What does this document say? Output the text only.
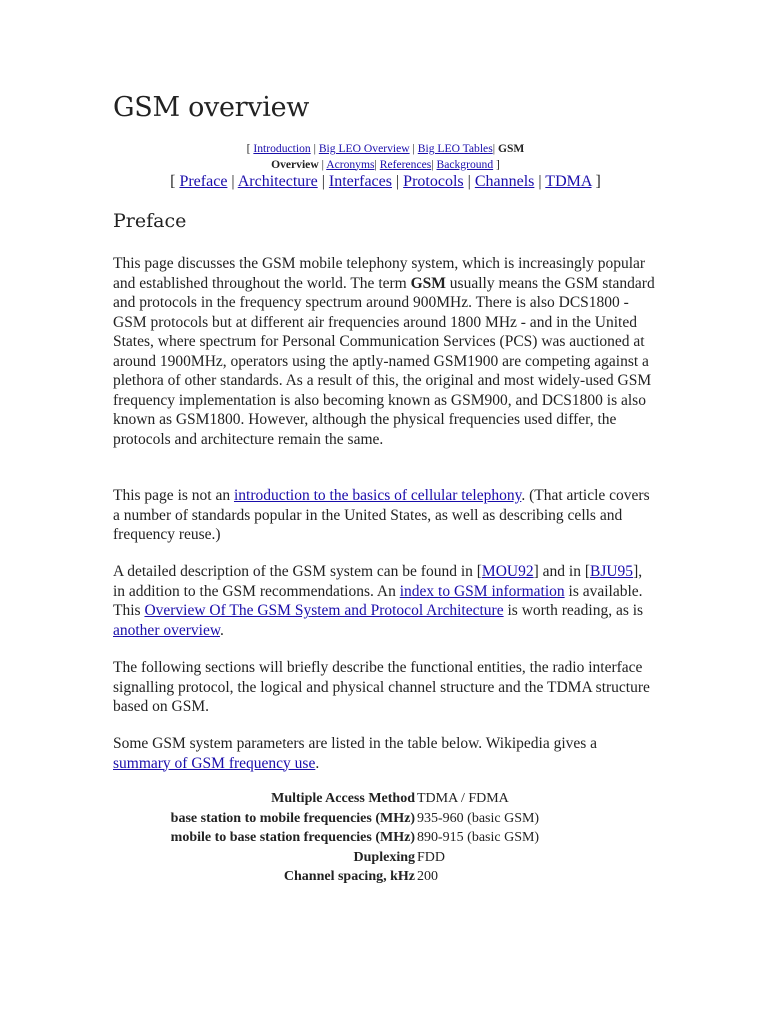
GSM overview
[ Introduction | Big LEO Overview | Big LEO Tables| GSM Overview | Acronyms| References| Background ]
[ Preface | Architecture | Interfaces | Protocols | Channels | TDMA ]
Preface

This page discusses the GSM mobile telephony system, which is increasingly popular and established throughout the world. The term GSM usually means the GSM standard and protocols in the frequency spectrum around 900MHz. There is also DCS1800 - GSM protocols but at different air frequencies around 1800 MHz - and in the United States, where spectrum for Personal Communication Services (PCS) was auctioned at around 1900MHz, operators using the aptly-named GSM1900 are competing against a plethora of other standards. As a result of this, the original and most widely-used GSM frequency implementation is also becoming known as GSM900, and DCS1800 is also known as GSM1800. However, although the physical frequencies used differ, the protocols and architecture remain the same.

This page is not an introduction to the basics of cellular telephony. (That article covers a number of standards popular in the United States, as well as describing cells and frequency reuse.)

A detailed description of the GSM system can be found in [MOU92] and in [BJU95], in addition to the GSM recommendations. An index to GSM information is available. This Overview Of The GSM System and Protocol Architecture is worth reading, as is another overview.

The following sections will briefly describe the functional entities, the radio interface signalling protocol, the logical and physical channel structure and the TDMA structure based on GSM.

Some GSM system parameters are listed in the table below. Wikipedia gives a summary of GSM frequency use.

Multiple Access Method TDMA / FDMA
base station to mobile frequencies (MHz) 935-960 (basic GSM)
mobile to base station frequencies (MHz) 890-915 (basic GSM)
Duplexing FDD
Channel spacing, kHz 200
